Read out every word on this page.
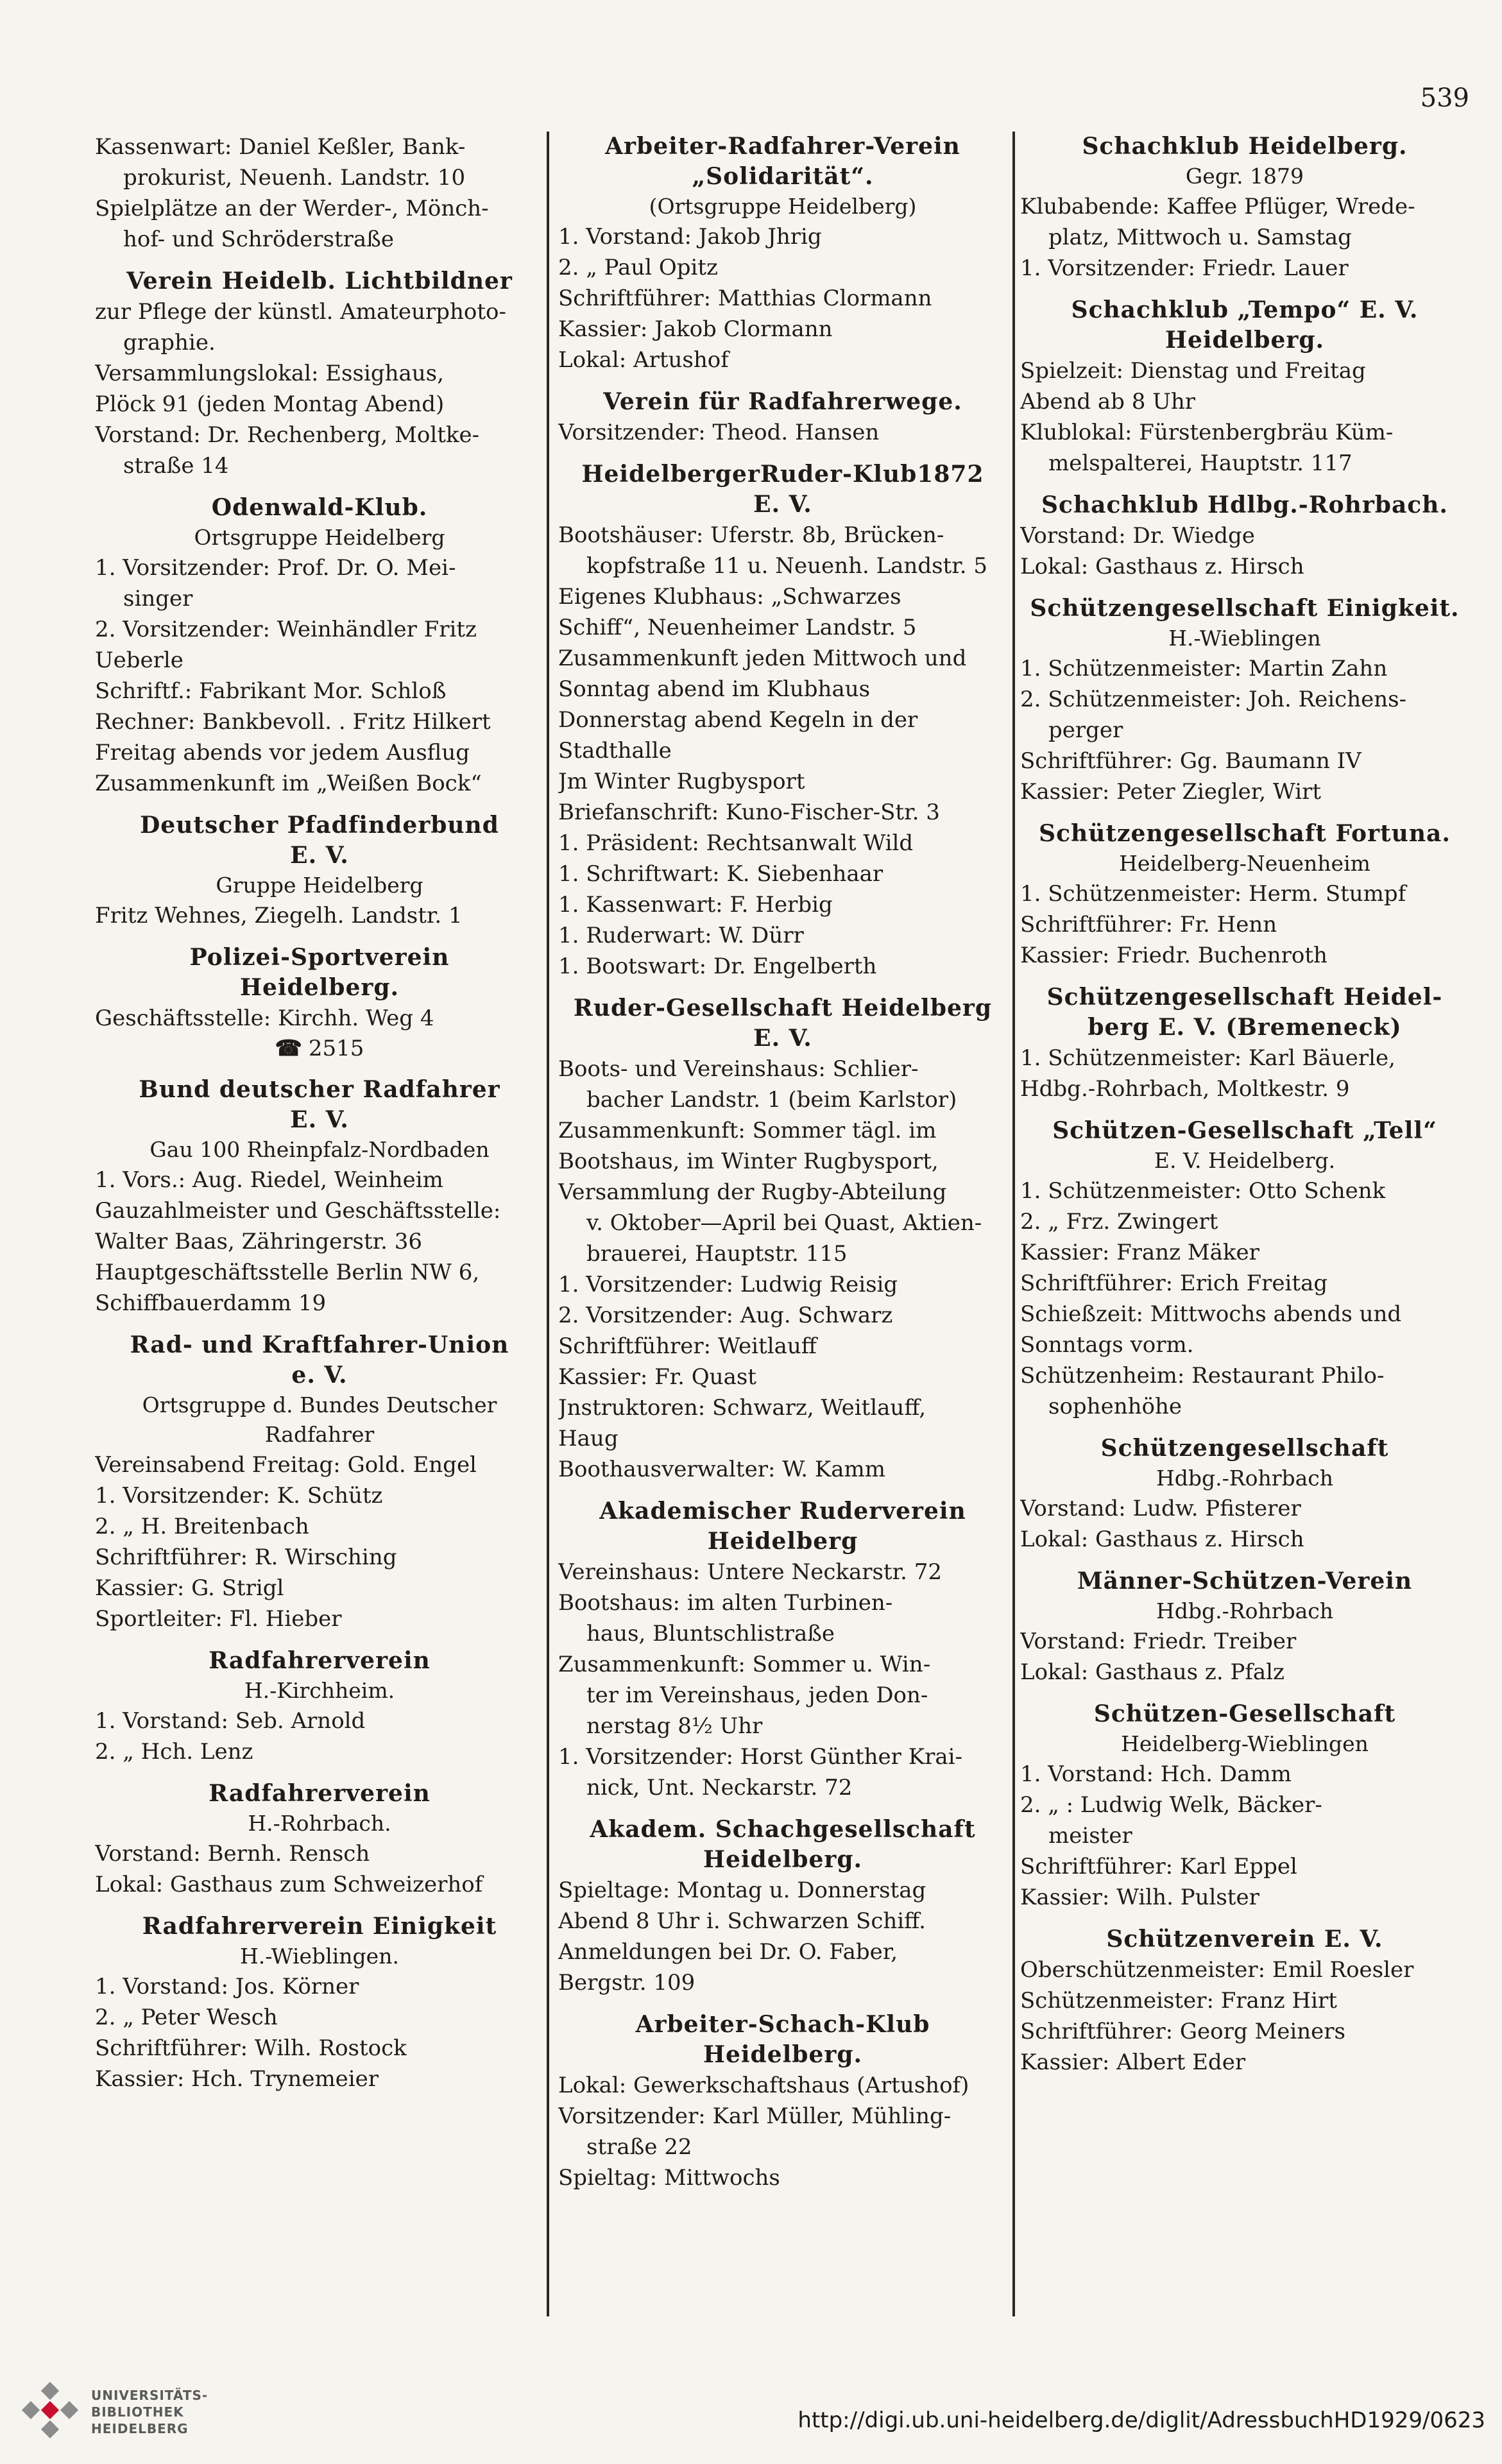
539
Kassenwart: Daniel Keßler, Bank-
prokurist, Neuenh. Landstr. 10
Spielplätze an der Werder-, Mönch-
hof- und Schröderstraße
Verein Heidelb. Lichtbildner
zur Pflege der künstl. Amateurphoto-
graphie.
Versammlungslokal: Essighaus,
Plöck 91 (jeden Montag Abend)
Vorstand: Dr. Rechenberg, Moltke-
straße 14
Odenwald-Klub.
Ortsgruppe Heidelberg
1. Vorsitzender: Prof. Dr. O. Mei-
singer
2. Vorsitzender: Weinhändler Fritz
Ueberle
Schriftf.: Fabrikant Mor. Schloß
Rechner: Bankbevoll. . Fritz Hilkert
Freitag abends vor jedem Ausflug
Zusammenkunft im „Weißen Bock“
Deutscher Pfadfinderbund
E. V.
Gruppe Heidelberg
Fritz Wehnes, Ziegelh. Landstr. 1
Polizei-Sportverein
Heidelberg.
Geschäftsstelle: Kirchh. Weg 4
☎ 2515
Bund deutscher Radfahrer
E. V.
Gau 100 Rheinpfalz-Nordbaden
1. Vors.: Aug. Riedel, Weinheim
Gauzahlmeister und Geschäftsstelle:
Walter Baas, Zähringerstr. 36
Hauptgeschäftsstelle Berlin NW 6,
Schiffbauerdamm 19
Rad- und Kraftfahrer-Union
e. V.
Ortsgruppe d. Bundes Deutscher
Radfahrer
Vereinsabend Freitag: Gold. Engel
1. Vorsitzender: K. Schütz
2. „ H. Breitenbach
Schriftführer: R. Wirsching
Kassier: G. Strigl
Sportleiter: Fl. Hieber
Radfahrerverein
H.-Kirchheim.
1. Vorstand: Seb. Arnold
2. „ Hch. Lenz
Radfahrerverein
H.-Rohrbach.
Vorstand: Bernh. Rensch
Lokal: Gasthaus zum Schweizerhof
Radfahrerverein Einigkeit
H.-Wieblingen.
1. Vorstand: Jos. Körner
2. „ Peter Wesch
Schriftführer: Wilh. Rostock
Kassier: Hch. Trynemeier
Arbeiter-Radfahrer-Verein
„Solidarität“.
(Ortsgruppe Heidelberg)
1. Vorstand: Jakob Jhrig
2. „ Paul Opitz
Schriftführer: Matthias Clormann
Kassier: Jakob Clormann
Lokal: Artushof
Verein für Radfahrerwege.
Vorsitzender: Theod. Hansen
HeidelbergerRuder-Klub1872
E. V.
Bootshäuser: Uferstr. 8b, Brücken-
kopfstraße 11 u. Neuenh. Landstr. 5
Eigenes Klubhaus: „Schwarzes
Schiff“, Neuenheimer Landstr. 5
Zusammenkunft jeden Mittwoch und
Sonntag abend im Klubhaus
Donnerstag abend Kegeln in der
Stadthalle
Jm Winter Rugbysport
Briefanschrift: Kuno-Fischer-Str. 3
1. Präsident: Rechtsanwalt Wild
1. Schriftwart: K. Siebenhaar
1. Kassenwart: F. Herbig
1. Ruderwart: W. Dürr
1. Bootswart: Dr. Engelberth
Ruder-Gesellschaft Heidelberg
E. V.
Boots- und Vereinshaus: Schlier-
bacher Landstr. 1 (beim Karlstor)
Zusammenkunft: Sommer tägl. im
Bootshaus, im Winter Rugbysport,
Versammlung der Rugby-Abteilung
v. Oktober—April bei Quast, Aktien-
brauerei, Hauptstr. 115
1. Vorsitzender: Ludwig Reisig
2. Vorsitzender: Aug. Schwarz
Schriftführer: Weitlauff
Kassier: Fr. Quast
Jnstruktoren: Schwarz, Weitlauff,
Haug
Boothausverwalter: W. Kamm
Akademischer Ruderverein
Heidelberg
Vereinshaus: Untere Neckarstr. 72
Bootshaus: im alten Turbinen-
haus, Bluntschlistraße
Zusammenkunft: Sommer u. Win-
ter im Vereinshaus, jeden Don-
nerstag 8½ Uhr
1. Vorsitzender: Horst Günther Krai-
nick, Unt. Neckarstr. 72
Akadem. Schachgesellschaft
Heidelberg.
Spieltage: Montag u. Donnerstag
Abend 8 Uhr i. Schwarzen Schiff.
Anmeldungen bei Dr. O. Faber,
Bergstr. 109
Arbeiter-Schach-Klub
Heidelberg.
Lokal: Gewerkschaftshaus (Artushof)
Vorsitzender: Karl Müller, Mühling-
straße 22
Spieltag: Mittwochs
Schachklub Heidelberg.
Gegr. 1879
Klubabende: Kaffee Pflüger, Wrede-
platz, Mittwoch u. Samstag
1. Vorsitzender: Friedr. Lauer
Schachklub „Tempo“ E. V.
Heidelberg.
Spielzeit: Dienstag und Freitag
Abend ab 8 Uhr
Klublokal: Fürstenbergbräu Küm-
melspalterei, Hauptstr. 117
Schachklub Hdlbg.-Rohrbach.
Vorstand: Dr. Wiedge
Lokal: Gasthaus z. Hirsch
Schützengesellschaft Einigkeit.
H.-Wieblingen
1. Schützenmeister: Martin Zahn
2. Schützenmeister: Joh. Reichens-
perger
Schriftführer: Gg. Baumann IV
Kassier: Peter Ziegler, Wirt
Schützengesellschaft Fortuna.
Heidelberg-Neuenheim
1. Schützenmeister: Herm. Stumpf
Schriftführer: Fr. Henn
Kassier: Friedr. Buchenroth
Schützengesellschaft Heidel-
berg E. V. (Bremeneck)
1. Schützenmeister: Karl Bäuerle,
Hdbg.-Rohrbach, Moltkestr. 9
Schützen-Gesellschaft „Tell“
E. V. Heidelberg.
1. Schützenmeister: Otto Schenk
2. „ Frz. Zwingert
Kassier: Franz Mäker
Schriftführer: Erich Freitag
Schießzeit: Mittwochs abends und
Sonntags vorm.
Schützenheim: Restaurant Philo-
sophenhöhe
Schützengesellschaft
Hdbg.-Rohrbach
Vorstand: Ludw. Pfisterer
Lokal: Gasthaus z. Hirsch
Männer-Schützen-Verein
Hdbg.-Rohrbach
Vorstand: Friedr. Treiber
Lokal: Gasthaus z. Pfalz
Schützen-Gesellschaft
Heidelberg-Wieblingen
1. Vorstand: Hch. Damm
2. „ : Ludwig Welk, Bäcker-
meister
Schriftführer: Karl Eppel
Kassier: Wilh. Pulster
Schützenverein E. V.
Oberschützenmeister: Emil Roesler
Schützenmeister: Franz Hirt
Schriftführer: Georg Meiners
Kassier: Albert Eder
UNIVERSITÄTS-
BIBLIOTHEK
HEIDELBERG	http://digi.ub.uni-heidelberg.de/diglit/AdressbuchHD1929/0623
